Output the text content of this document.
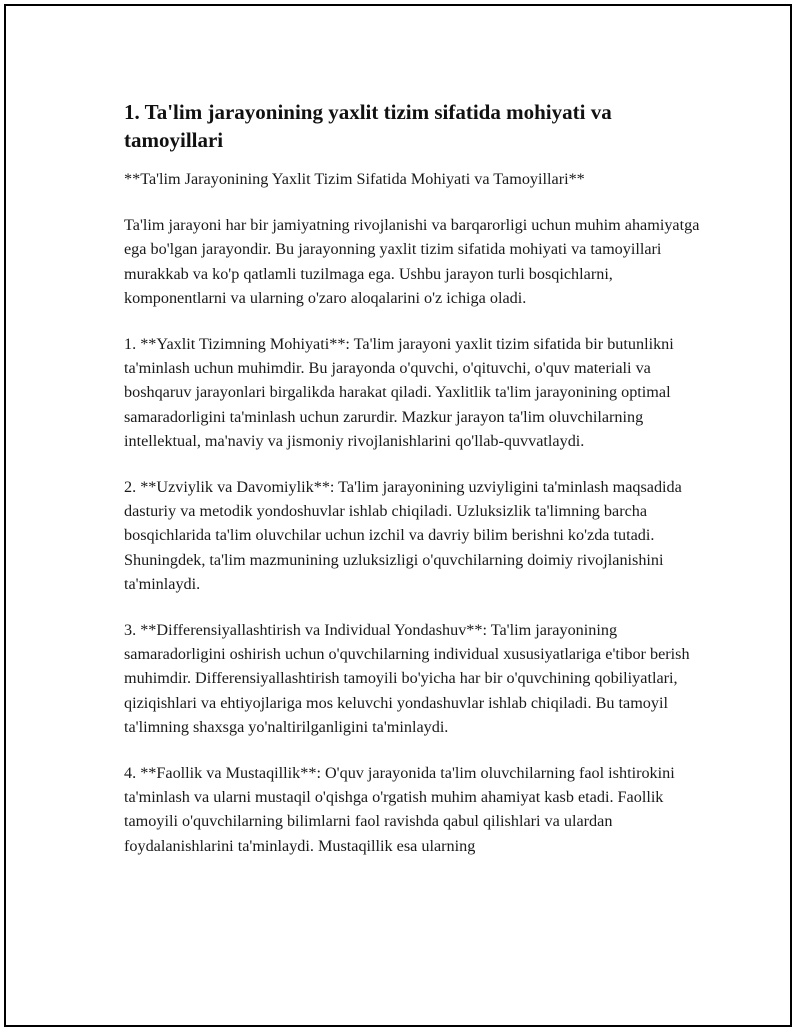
1. Ta'lim jarayonining yaxlit tizim sifatida mohiyati va tamoyillari

**Ta'lim Jarayonining Yaxlit Tizim Sifatida Mohiyati va Tamoyillari**

Ta'lim jarayoni har bir jamiyatning rivojlanishi va barqarorligi uchun muhim ahamiyatga ega bo'lgan jarayondir. Bu jarayonning yaxlit tizim sifatida mohiyati va tamoyillari murakkab va ko'p qatlamli tuzilmaga ega. Ushbu jarayon turli bosqichlarni, komponentlarni va ularning o'zaro aloqalarini o'z ichiga oladi.

1. **Yaxlit Tizimning Mohiyati**: Ta'lim jarayoni yaxlit tizim sifatida bir butunlikni ta'minlash uchun muhimdir. Bu jarayonda o'quvchi, o'qituvchi, o'quv materiali va boshqaruv jarayonlari birgalikda harakat qiladi. Yaxlitlik ta'lim jarayonining optimal samaradorligini ta'minlash uchun zarurdir. Mazkur jarayon ta'lim oluvchilarning intellektual, ma'naviy va jismoniy rivojlanishlarini qo'llab-quvvatlaydi.

2. **Uzviylik va Davomiylik**: Ta'lim jarayonining uzviyligini ta'minlash maqsadida dasturiy va metodik yondoshuvlar ishlab chiqiladi. Uzluksizlik ta'limning barcha bosqichlarida ta'lim oluvchilar uchun izchil va davriy bilim berishni ko'zda tutadi. Shuningdek, ta'lim mazmunining uzluksizligi o'quvchilarning doimiy rivojlanishini ta'minlaydi.

3. **Differensiyallashtirish va Individual Yondashuv**: Ta'lim jarayonining samaradorligini oshirish uchun o'quvchilarning individual xususiyatlariga e'tibor berish muhimdir. Differensiyallashtirish tamoyili bo'yicha har bir o'quvchining qobiliyatlari, qiziqishlari va ehtiyojlariga mos keluvchi yondashuvlar ishlab chiqiladi. Bu tamoyil ta'limning shaxsga yo'naltirilganligini ta'minlaydi.

4. **Faollik va Mustaqillik**: O'quv jarayonida ta'lim oluvchilarning faol ishtirokini ta'minlash va ularni mustaqil o'qishga o'rgatish muhim ahamiyat kasb etadi. Faollik tamoyili o'quvchilarning bilimlarni faol ravishda qabul qilishlari va ulardan foydalanishlarini ta'minlaydi. Mustaqillik esa ularning
